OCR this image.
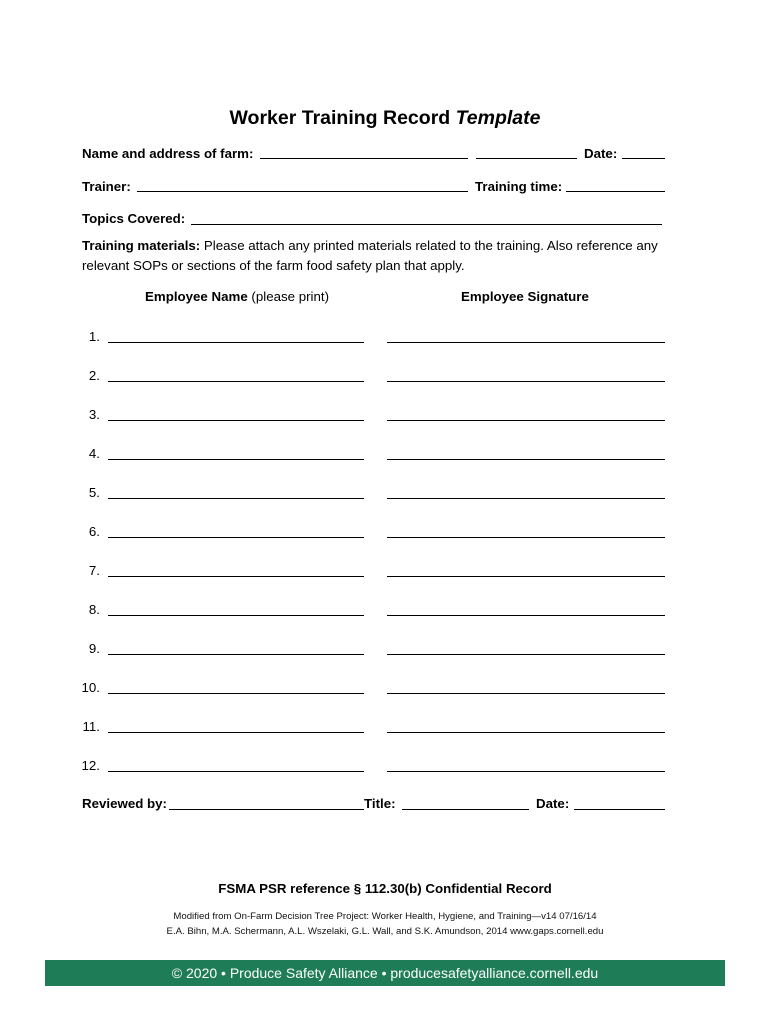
Worker Training Record Template
Name and address of farm:	Date:
Trainer:	Training time:
Topics Covered:
Training materials: Please attach any printed materials related to the training. Also reference any relevant SOPs or sections of the farm food safety plan that apply.
Employee Name (please print)	Employee Signature
1.
2.
3.
4.
5.
6.
7.
8.
9.
10.
11.
12.
Reviewed by:	Title:	Date:
FSMA PSR reference § 112.30(b) Confidential Record
Modified from On-Farm Decision Tree Project: Worker Health, Hygiene, and Training—v14 07/16/14
E.A. Bihn, M.A. Schermann, A.L. Wszelaki, G.L. Wall, and S.K. Amundson, 2014 www.gaps.cornell.edu
© 2020 • Produce Safety Alliance • producesafetyalliance.cornell.edu
